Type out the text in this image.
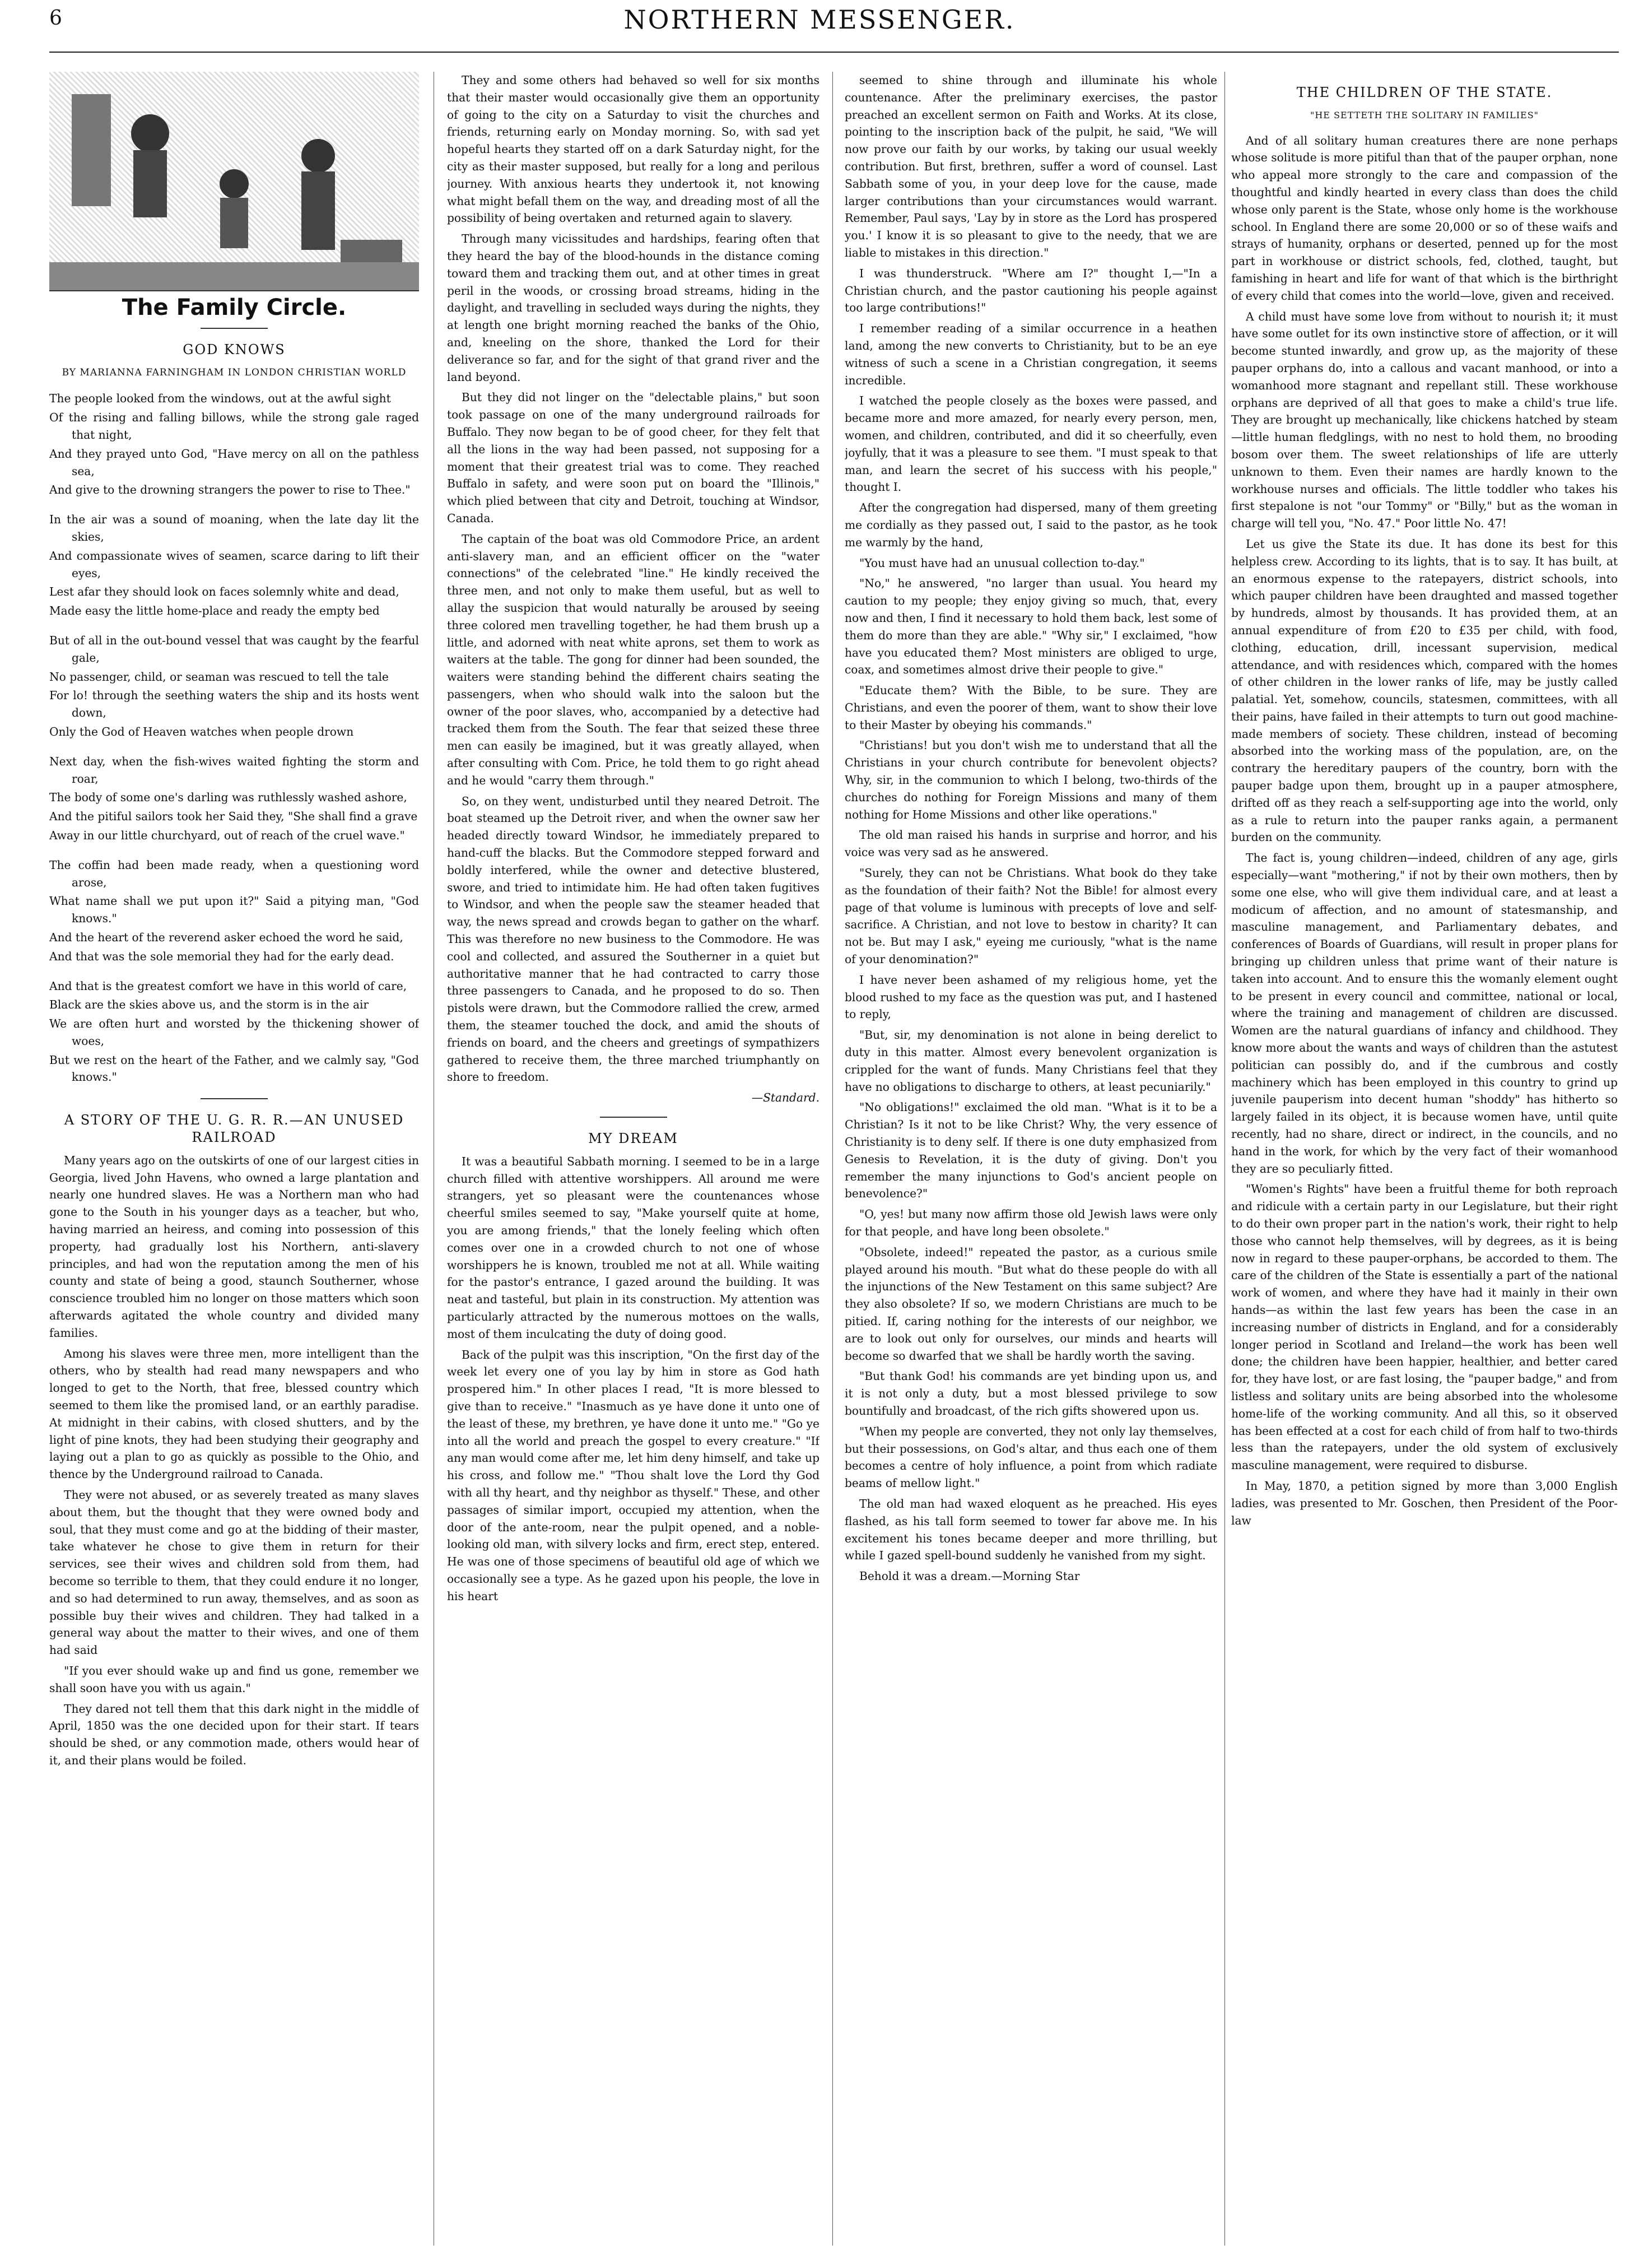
6	NORTHERN MESSENGER.
The Family Circle.
GOD KNOWS

BY MARIANNA FARNINGHAM IN LONDON CHRISTIAN WORLD

The people looked from the windows, out at the awful sight

Of the rising and falling billows, while the strong gale raged that night,

And they prayed unto God, "Have mercy on all on the pathless sea,

And give to the drowning strangers the power to rise to Thee."

In the air was a sound of moaning, when the late day lit the skies,

And compassionate wives of seamen, scarce daring to lift their eyes,

Lest afar they should look on faces solemnly white and dead,

Made easy the little home-place and ready the empty bed

But of all in the out-bound vessel that was caught by the fearful gale,

No passenger, child, or seaman was rescued to tell the tale

For lo! through the seething waters the ship and its hosts went down,

Only the God of Heaven watches when people drown

Next day, when the fish-wives waited fighting the storm and roar,

The body of some one's darling was ruthlessly washed ashore,

And the pitiful sailors took her Said they, "She shall find a grave

Away in our little churchyard, out of reach of the cruel wave."

The coffin had been made ready, when a questioning word arose,

What name shall we put upon it?" Said a pitying man, "God knows."

And the heart of the reverend asker echoed the word he said,

And that was the sole memorial they had for the early dead.

And that is the greatest comfort we have in this world of care,

Black are the skies above us, and the storm is in the air

We are often hurt and worsted by the thickening shower of woes,

But we rest on the heart of the Father, and we calmly say, "God knows."

A STORY OF THE U. G. R. R.—AN UNUSED RAILROAD

Many years ago on the outskirts of one of our largest cities in Georgia, lived John Havens, who owned a large plantation and nearly one hundred slaves. He was a Northern man who had gone to the South in his younger days as a teacher, but who, having married an heiress, and coming into possession of this property, had gradually lost his Northern, anti-slavery principles, and had won the reputation among the men of his county and state of being a good, staunch Southerner, whose conscience troubled him no longer on those matters which soon afterwards agitated the whole country and divided many families.

Among his slaves were three men, more intelligent than the others, who by stealth had read many newspapers and who longed to get to the North, that free, blessed country which seemed to them like the promised land, or an earthly paradise. At midnight in their cabins, with closed shutters, and by the light of pine knots, they had been studying their geography and laying out a plan to go as quickly as possible to the Ohio, and thence by the Underground railroad to Canada.

They were not abused, or as severely treated as many slaves about them, but the thought that they were owned body and soul, that they must come and go at the bidding of their master, take whatever he chose to give them in return for their services, see their wives and children sold from them, had become so terrible to them, that they could endure it no longer, and so had determined to run away, themselves, and as soon as possible buy their wives and children. They had talked in a general way about the matter to their wives, and one of them had said

"If you ever should wake up and find us gone, remember we shall soon have you with us again."

They dared not tell them that this dark night in the middle of April, 1850 was the one decided upon for their start. If tears should be shed, or any commotion made, others would hear of it, and their plans would be foiled.

They and some others had behaved so well for six months that their master would occasionally give them an opportunity of going to the city on a Saturday to visit the churches and friends, returning early on Monday morning. So, with sad yet hopeful hearts they started off on a dark Saturday night, for the city as their master supposed, but really for a long and perilous journey. With anxious hearts they undertook it, not knowing what might befall them on the way, and dreading most of all the possibility of being overtaken and returned again to slavery.

Through many vicissitudes and hardships, fearing often that they heard the bay of the blood-hounds in the distance coming toward them and tracking them out, and at other times in great peril in the woods, or crossing broad streams, hiding in the daylight, and travelling in secluded ways during the nights, they at length one bright morning reached the banks of the Ohio, and, kneeling on the shore, thanked the Lord for their deliverance so far, and for the sight of that grand river and the land beyond.

But they did not linger on the "delectable plains," but soon took passage on one of the many underground railroads for Buffalo. They now began to be of good cheer, for they felt that all the lions in the way had been passed, not supposing for a moment that their greatest trial was to come. They reached Buffalo in safety, and were soon put on board the "Illinois," which plied between that city and Detroit, touching at Windsor, Canada.

The captain of the boat was old Commodore Price, an ardent anti-slavery man, and an efficient officer on the "water connections" of the celebrated "line." He kindly received the three men, and not only to make them useful, but as well to allay the suspicion that would naturally be aroused by seeing three colored men travelling together, he had them brush up a little, and adorned with neat white aprons, set them to work as waiters at the table. The gong for dinner had been sounded, the waiters were standing behind the different chairs seating the passengers, when who should walk into the saloon but the owner of the poor slaves, who, accompanied by a detective had tracked them from the South. The fear that seized these three men can easily be imagined, but it was greatly allayed, when after consulting with Com. Price, he told them to go right ahead and he would "carry them through."

So, on they went, undisturbed until they neared Detroit. The boat steamed up the Detroit river, and when the owner saw her headed directly toward Windsor, he immediately prepared to hand-cuff the blacks. But the Commodore stepped forward and boldly interfered, while the owner and detective blustered, swore, and tried to intimidate him. He had often taken fugitives to Windsor, and when the people saw the steamer headed that way, the news spread and crowds began to gather on the wharf. This was therefore no new business to the Commodore. He was cool and collected, and assured the Southerner in a quiet but authoritative manner that he had contracted to carry those three passengers to Canada, and he proposed to do so. Then pistols were drawn, but the Commodore rallied the crew, armed them, the steamer touched the dock, and amid the shouts of friends on board, and the cheers and greetings of sympathizers gathered to receive them, the three marched triumphantly on shore to freedom.

—Standard.

MY DREAM

It was a beautiful Sabbath morning. I seemed to be in a large church filled with attentive worshippers. All around me were strangers, yet so pleasant were the countenances whose cheerful smiles seemed to say, "Make yourself quite at home, you are among friends," that the lonely feeling which often comes over one in a crowded church to not one of whose worshippers he is known, troubled me not at all. While waiting for the pastor's entrance, I gazed around the building. It was neat and tasteful, but plain in its construction. My attention was particularly attracted by the numerous mottoes on the walls, most of them inculcating the duty of doing good.

Back of the pulpit was this inscription, "On the first day of the week let every one of you lay by him in store as God hath prospered him." In other places I read, "It is more blessed to give than to receive." "Inasmuch as ye have done it unto one of the least of these, my brethren, ye have done it unto me." "Go ye into all the world and preach the gospel to every creature." "If any man would come after me, let him deny himself, and take up his cross, and follow me." "Thou shalt love the Lord thy God with all thy heart, and thy neighbor as thyself." These, and other passages of similar import, occupied my attention, when the door of the ante-room, near the pulpit opened, and a noble-looking old man, with silvery locks and firm, erect step, entered. He was one of those specimens of beautiful old age of which we occasionally see a type. As he gazed upon his people, the love in his heart

seemed to shine through and illuminate his whole countenance. After the preliminary exercises, the pastor preached an excellent sermon on Faith and Works. At its close, pointing to the inscription back of the pulpit, he said, "We will now prove our faith by our works, by taking our usual weekly contribution. But first, brethren, suffer a word of counsel. Last Sabbath some of you, in your deep love for the cause, made larger contributions than your circumstances would warrant. Remember, Paul says, 'Lay by in store as the Lord has prospered you.' I know it is so pleasant to give to the needy, that we are liable to mistakes in this direction."

I was thunderstruck. "Where am I?" thought I,—"In a Christian church, and the pastor cautioning his people against too large contributions!"

I remember reading of a similar occurrence in a heathen land, among the new converts to Christianity, but to be an eye witness of such a scene in a Christian congregation, it seems incredible.

I watched the people closely as the boxes were passed, and became more and more amazed, for nearly every person, men, women, and children, contributed, and did it so cheerfully, even joyfully, that it was a pleasure to see them. "I must speak to that man, and learn the secret of his success with his people," thought I.

After the congregation had dispersed, many of them greeting me cordially as they passed out, I said to the pastor, as he took me warmly by the hand,

"You must have had an unusual collection to-day."

"No," he answered, "no larger than usual. You heard my caution to my people; they enjoy giving so much, that, every now and then, I find it necessary to hold them back, lest some of them do more than they are able." "Why sir," I exclaimed, "how have you educated them? Most ministers are obliged to urge, coax, and sometimes almost drive their people to give."

"Educate them? With the Bible, to be sure. They are Christians, and even the poorer of them, want to show their love to their Master by obeying his commands."

"Christians! but you don't wish me to understand that all the Christians in your church contribute for benevolent objects? Why, sir, in the communion to which I belong, two-thirds of the churches do nothing for Foreign Missions and many of them nothing for Home Missions and other like operations."

The old man raised his hands in surprise and horror, and his voice was very sad as he answered.

"Surely, they can not be Christians. What book do they take as the foundation of their faith? Not the Bible! for almost every page of that volume is luminous with precepts of love and self-sacrifice. A Christian, and not love to bestow in charity? It can not be. But may I ask," eyeing me curiously, "what is the name of your denomination?"

I have never been ashamed of my religious home, yet the blood rushed to my face as the question was put, and I hastened to reply,

"But, sir, my denomination is not alone in being derelict to duty in this matter. Almost every benevolent organization is crippled for the want of funds. Many Christians feel that they have no obligations to discharge to others, at least pecuniarily."

"No obligations!" exclaimed the old man. "What is it to be a Christian? Is it not to be like Christ? Why, the very essence of Christianity is to deny self. If there is one duty emphasized from Genesis to Revelation, it is the duty of giving. Don't you remember the many injunctions to God's ancient people on benevolence?"

"O, yes! but many now affirm those old Jewish laws were only for that people, and have long been obsolete."

"Obsolete, indeed!" repeated the pastor, as a curious smile played around his mouth. "But what do these people do with all the injunctions of the New Testament on this same subject? Are they also obsolete? If so, we modern Christians are much to be pitied. If, caring nothing for the interests of our neighbor, we are to look out only for ourselves, our minds and hearts will become so dwarfed that we shall be hardly worth the saving.

"But thank God! his commands are yet binding upon us, and it is not only a duty, but a most blessed privilege to sow bountifully and broadcast, of the rich gifts showered upon us.

"When my people are converted, they not only lay themselves, but their possessions, on God's altar, and thus each one of them becomes a centre of holy influence, a point from which radiate beams of mellow light."

The old man had waxed eloquent as he preached. His eyes flashed, as his tall form seemed to tower far above me. In his excitement his tones became deeper and more thrilling, but while I gazed spell-bound suddenly he vanished from my sight.

Behold it was a dream.—Morning Star

THE CHILDREN OF THE STATE.

"HE SETTETH THE SOLITARY IN FAMILIES"

And of all solitary human creatures there are none perhaps whose solitude is more pitiful than that of the pauper orphan, none who appeal more strongly to the care and compassion of the thoughtful and kindly hearted in every class than does the child whose only parent is the State, whose only home is the workhouse school. In England there are some 20,000 or so of these waifs and strays of humanity, orphans or deserted, penned up for the most part in workhouse or district schools, fed, clothed, taught, but famishing in heart and life for want of that which is the birthright of every child that comes into the world—love, given and received.

A child must have some love from without to nourish it; it must have some outlet for its own instinctive store of affection, or it will become stunted inwardly, and grow up, as the majority of these pauper orphans do, into a callous and vacant manhood, or into a womanhood more stagnant and repellant still. These workhouse orphans are deprived of all that goes to make a child's true life. They are brought up mechanically, like chickens hatched by steam—little human fledglings, with no nest to hold them, no brooding bosom over them. The sweet relationships of life are utterly unknown to them. Even their names are hardly known to the workhouse nurses and officials. The little toddler who takes his first stepalone is not "our Tommy" or "Billy," but as the woman in charge will tell you, "No. 47." Poor little No. 47!

Let us give the State its due. It has done its best for this helpless crew. According to its lights, that is to say. It has built, at an enormous expense to the ratepayers, district schools, into which pauper children have been draughted and massed together by hundreds, almost by thousands. It has provided them, at an annual expenditure of from £20 to £35 per child, with food, clothing, education, drill, incessant supervision, medical attendance, and with residences which, compared with the homes of other children in the lower ranks of life, may be justly called palatial. Yet, somehow, councils, statesmen, committees, with all their pains, have failed in their attempts to turn out good machine-made members of society. These children, instead of becoming absorbed into the working mass of the population, are, on the contrary the hereditary paupers of the country, born with the pauper badge upon them, brought up in a pauper atmosphere, drifted off as they reach a self-supporting age into the world, only as a rule to return into the pauper ranks again, a permanent burden on the community.

The fact is, young children—indeed, children of any age, girls especially—want "mothering," if not by their own mothers, then by some one else, who will give them individual care, and at least a modicum of affection, and no amount of statesmanship, and masculine management, and Parliamentary debates, and conferences of Boards of Guardians, will result in proper plans for bringing up children unless that prime want of their nature is taken into account. And to ensure this the womanly element ought to be present in every council and committee, national or local, where the training and management of children are discussed. Women are the natural guardians of infancy and childhood. They know more about the wants and ways of children than the astutest politician can possibly do, and if the cumbrous and costly machinery which has been employed in this country to grind up juvenile pauperism into decent human "shoddy" has hitherto so largely failed in its object, it is because women have, until quite recently, had no share, direct or indirect, in the councils, and no hand in the work, for which by the very fact of their womanhood they are so peculiarly fitted.

"Women's Rights" have been a fruitful theme for both reproach and ridicule with a certain party in our Legislature, but their right to do their own proper part in the nation's work, their right to help those who cannot help themselves, will by degrees, as it is being now in regard to these pauper-orphans, be accorded to them. The care of the children of the State is essentially a part of the national work of women, and where they have had it mainly in their own hands—as within the last few years has been the case in an increasing number of districts in England, and for a considerably longer period in Scotland and Ireland—the work has been well done; the children have been happier, healthier, and better cared for, they have lost, or are fast losing, the "pauper badge," and from listless and solitary units are being absorbed into the wholesome home-life of the working community. And all this, so it observed has been effected at a cost for each child of from half to two-thirds less than the ratepayers, under the old system of exclusively masculine management, were required to disburse.

In May, 1870, a petition signed by more than 3,000 English ladies, was presented to Mr. Goschen, then President of the Poor-law
